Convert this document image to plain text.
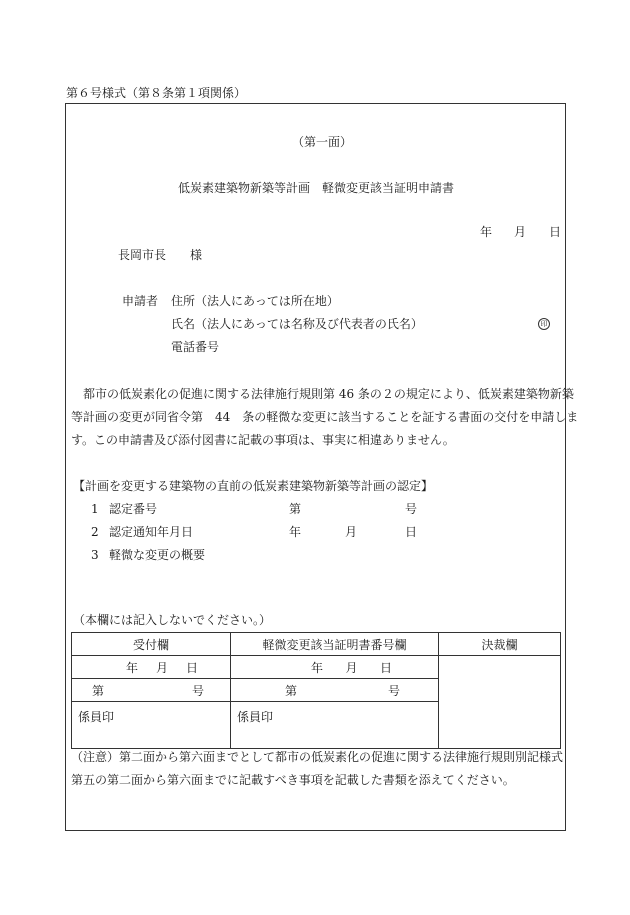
第６号様式（第８条第１項関係）
（第一面）
低炭素建築物新築等計画　軽微変更該当証明申請書
年 月 日
長岡市長　　様
申請者 住所（法人にあっては所在地）
氏名（法人にあっては名称及び代表者の氏名）	印
電話番号
　都市の低炭素化の促進に関する法律施行規則第 46 条の２の規定により、低炭素建築物新築
等計画の変更が同省令第　44　条の軽微な変更に該当することを証する書面の交付を申請しま
す。この申請書及び添付図書に記載の事項は、事実に相違ありません。
【計画を変更する建築物の直前の低炭素建築物新築等計画の認定】
1 認定番号	第	号
2 認定通知年月日	年	月	日
3 軽微な変更の概要
（本欄には記入しないでください。）
受付欄	軽微変更該当証明書番号欄	決裁欄

年 月 日	年 月 日	

第 号	第 号	

係員印	係員印	
（注意）第二面から第六面までとして都市の低炭素化の促進に関する法律施行規則別記様式
第五の第二面から第六面までに記載すべき事項を記載した書類を添えてください。
